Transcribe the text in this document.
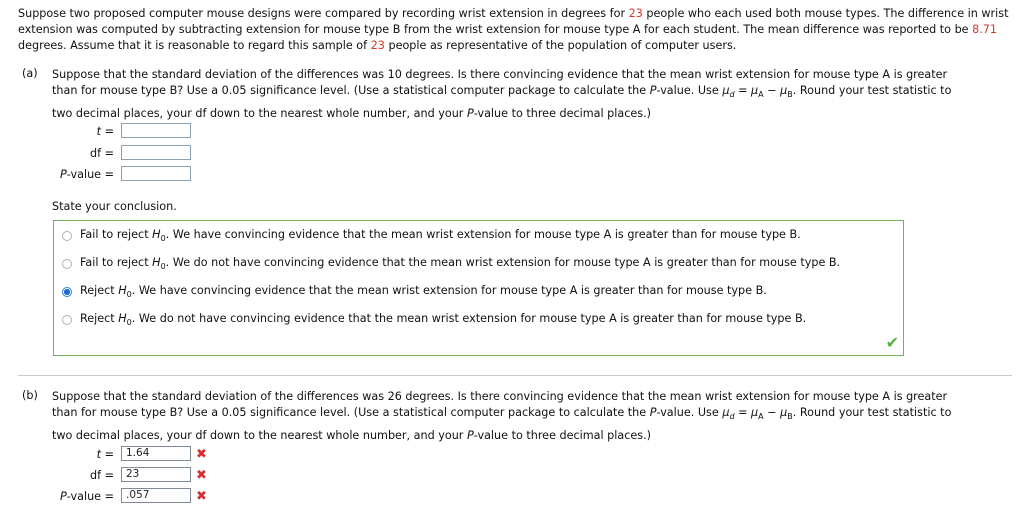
Suppose two proposed computer mouse designs were compared by recording wrist extension in degrees for 23 people who each used both mouse types. The difference in wrist extension was computed by subtracting extension for mouse type B from the wrist extension for mouse type A for each student. The mean difference was reported to be 8.71 degrees. Assume that it is reasonable to regard this sample of 23 people as representative of the population of computer users.
(a) Suppose that the standard deviation of the differences was 10 degrees. Is there convincing evidence that the mean wrist extension for mouse type A is greater
than for mouse type B? Use a 0.05 significance level. (Use a statistical computer package to calculate the P-value. Use $\mu_d = \mu_A - \mu_B$. Round your test statistic to
two decimal places, your df down to the nearest whole number, and your P-value to three decimal places.)
t =
df =
P-value =
State your conclusion.
Fail to reject $H_0$. We have convincing evidence that the mean wrist extension for mouse type A is greater than for mouse type B.
Fail to reject $H_0$. We do not have convincing evidence that the mean wrist extension for mouse type A is greater than for mouse type B.
Reject $H_0$. We have convincing evidence that the mean wrist extension for mouse type A is greater than for mouse type B.
Reject $H_0$. We do not have convincing evidence that the mean wrist extension for mouse type A is greater than for mouse type B.
✔
(b) Suppose that the standard deviation of the differences was 26 degrees. Is there convincing evidence that the mean wrist extension for mouse type A is greater
than for mouse type B? Use a 0.05 significance level. (Use a statistical computer package to calculate the P-value. Use $\mu_d = \mu_A - \mu_B$. Round your test statistic to
two decimal places, your df down to the nearest whole number, and your P-value to three decimal places.)
t =	1.64	✖
df =	23	✖
P-value =	.057	✖
